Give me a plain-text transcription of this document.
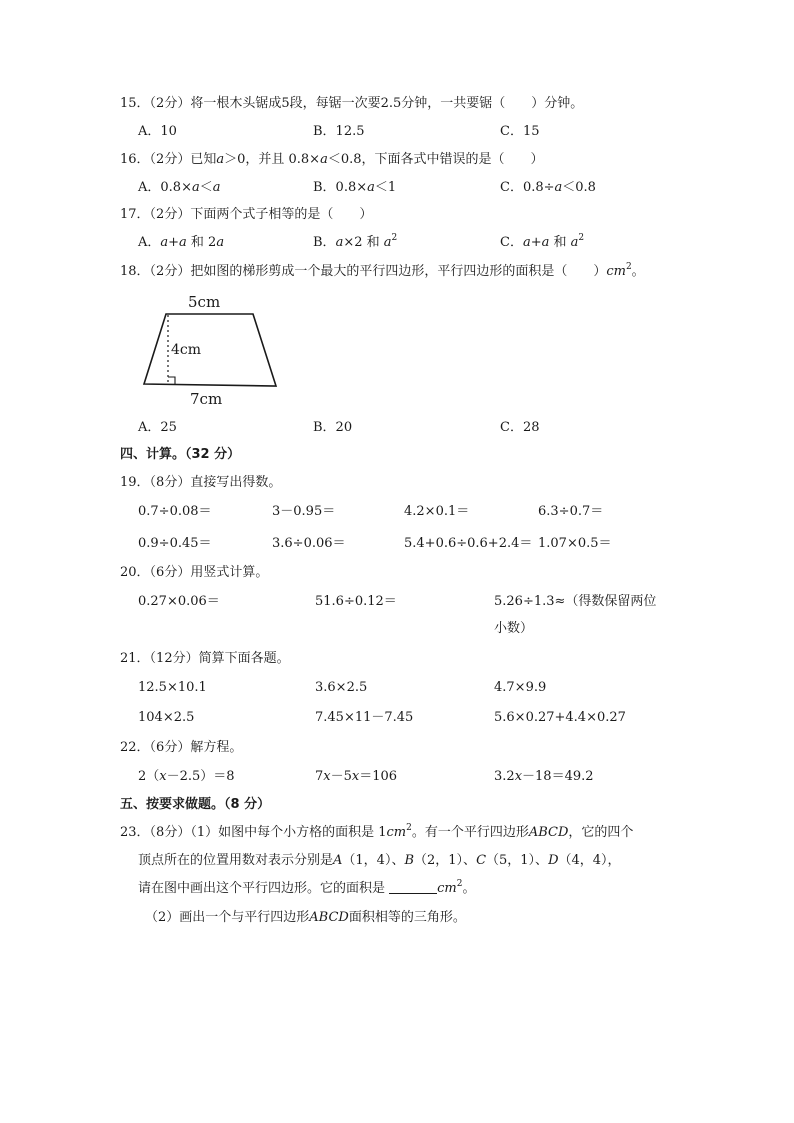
15．（2分）将一根木头锯成5段，每锯一次要2.5分钟，一共要锯（　　）分钟。
A．10	B．12.5	C．15
16．（2分）已知a＞0，并且 0.8×a＜0.8，下面各式中错误的是（　　）
A．0.8×a＜a	B．0.8×a＜1	C．0.8÷a＜0.8
17．（2分）下面两个式子相等的是（　　）
A．a+a 和 2a	B．a×2 和 $a^2$	C．a+a 和 $a^2$
18．（2分）把如图的梯形剪成一个最大的平行四边形，平行四边形的面积是（　　）$cm^2$。
5cm
4cm
7cm
A．25	B．20	C．28
四、计算。（32 分）
19．（8分）直接写出得数。
0.7÷0.08＝	3－0.95＝	4.2×0.1＝	6.3÷0.7＝
0.9÷0.45＝	3.6÷0.06＝	5.4+0.6÷0.6+2.4＝ 1.07×0.5＝
20．（6分）用竖式计算。
0.27×0.06＝	51.6÷0.12＝	5.26÷1.3≈（得数保留两位
小数）
21．（12分）简算下面各题。
12.5×10.1	3.6×2.5	4.7×9.9
104×2.5	7.45×11－7.45	5.6×0.27+4.4×0.27
22．（6分）解方程。
2（x－2.5）＝8	7x－5x＝106	3.2x－18＝49.2
五、按要求做题。（8 分）
23．（8分）（1）如图中每个小方格的面积是 $1cm^2$。有一个平行四边形ABCD，它的四个
顶点所在的位置用数对表示分别是A（1，4）、B（2，1）、C（5，1）、D（4，4），
请在图中画出这个平行四边形。它的面积是	$cm^2$。
（2）画出一个与平行四边形ABCD面积相等的三角形。
